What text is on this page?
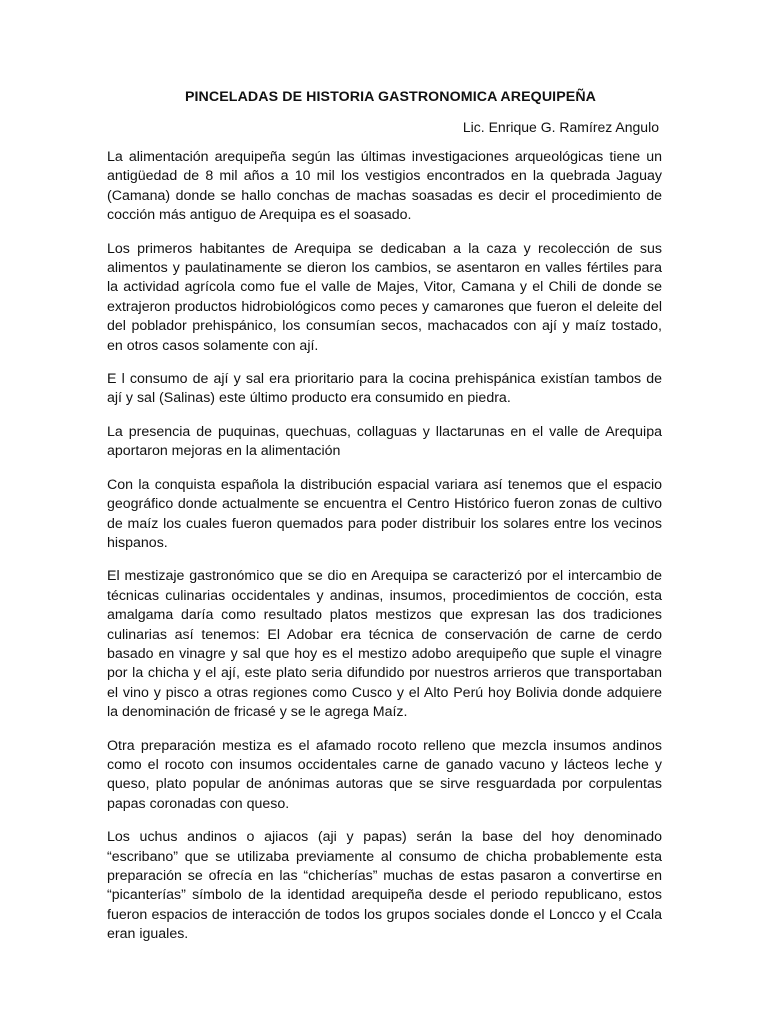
PINCELADAS DE HISTORIA GASTRONOMICA AREQUIPEÑA

Lic. Enrique G. Ramírez Angulo

La alimentación arequipeña según las últimas investigaciones arqueológicas tiene un antigüedad de 8 mil años a 10 mil los vestigios encontrados en la quebrada Jaguay (Camana) donde se hallo conchas de machas soasadas es decir el procedimiento de cocción más antiguo de Arequipa es el soasado.

Los primeros habitantes de Arequipa se dedicaban a la caza y recolección de sus alimentos y paulatinamente se dieron los cambios, se asentaron en valles fértiles para la actividad agrícola como fue el valle de Majes, Vitor, Camana y el Chili de donde se extrajeron productos hidrobiológicos como peces y camarones que fueron el deleite del del poblador prehispánico, los consumían secos, machacados con ají y maíz tostado, en otros casos solamente con ají.

E l consumo de ají y sal era prioritario para la cocina prehispánica existían tambos de ají y sal (Salinas) este último producto era consumido en piedra.

La presencia de puquinas, quechuas, collaguas y llactarunas en el valle de Arequipa aportaron mejoras en la alimentación

Con la conquista española la distribución espacial variara así tenemos que el espacio geográfico donde actualmente se encuentra el Centro Histórico fueron zonas de cultivo de maíz los cuales fueron quemados para poder distribuir los solares entre los vecinos hispanos.

El mestizaje gastronómico que se dio en Arequipa se caracterizó por el intercambio de técnicas culinarias occidentales y andinas, insumos, procedimientos de cocción, esta amalgama daría como resultado platos mestizos que expresan las dos tradiciones culinarias así tenemos: El Adobar era técnica de conservación de carne de cerdo basado en vinagre y sal que hoy es el mestizo adobo arequipeño que suple el vinagre por la chicha y el ají, este plato seria difundido por nuestros arrieros que transportaban el vino y pisco a otras regiones como Cusco y el Alto Perú hoy Bolivia donde adquiere la denominación de fricasé y se le agrega Maíz.

Otra preparación mestiza es el afamado rocoto relleno que mezcla insumos andinos como el rocoto con insumos occidentales carne de ganado vacuno y lácteos leche y queso, plato popular de anónimas autoras que se sirve resguardada por corpulentas papas coronadas con queso.

Los uchus andinos o ajiacos (aji y papas) serán la base del hoy denominado “escribano” que se utilizaba previamente al consumo de chicha probablemente esta preparación se ofrecía en las “chicherías” muchas de estas pasaron a convertirse en “picanterías” símbolo de la identidad arequipeña desde el periodo republicano, estos fueron espacios de interacción de todos los grupos sociales donde el Loncco y el Ccala eran iguales.
